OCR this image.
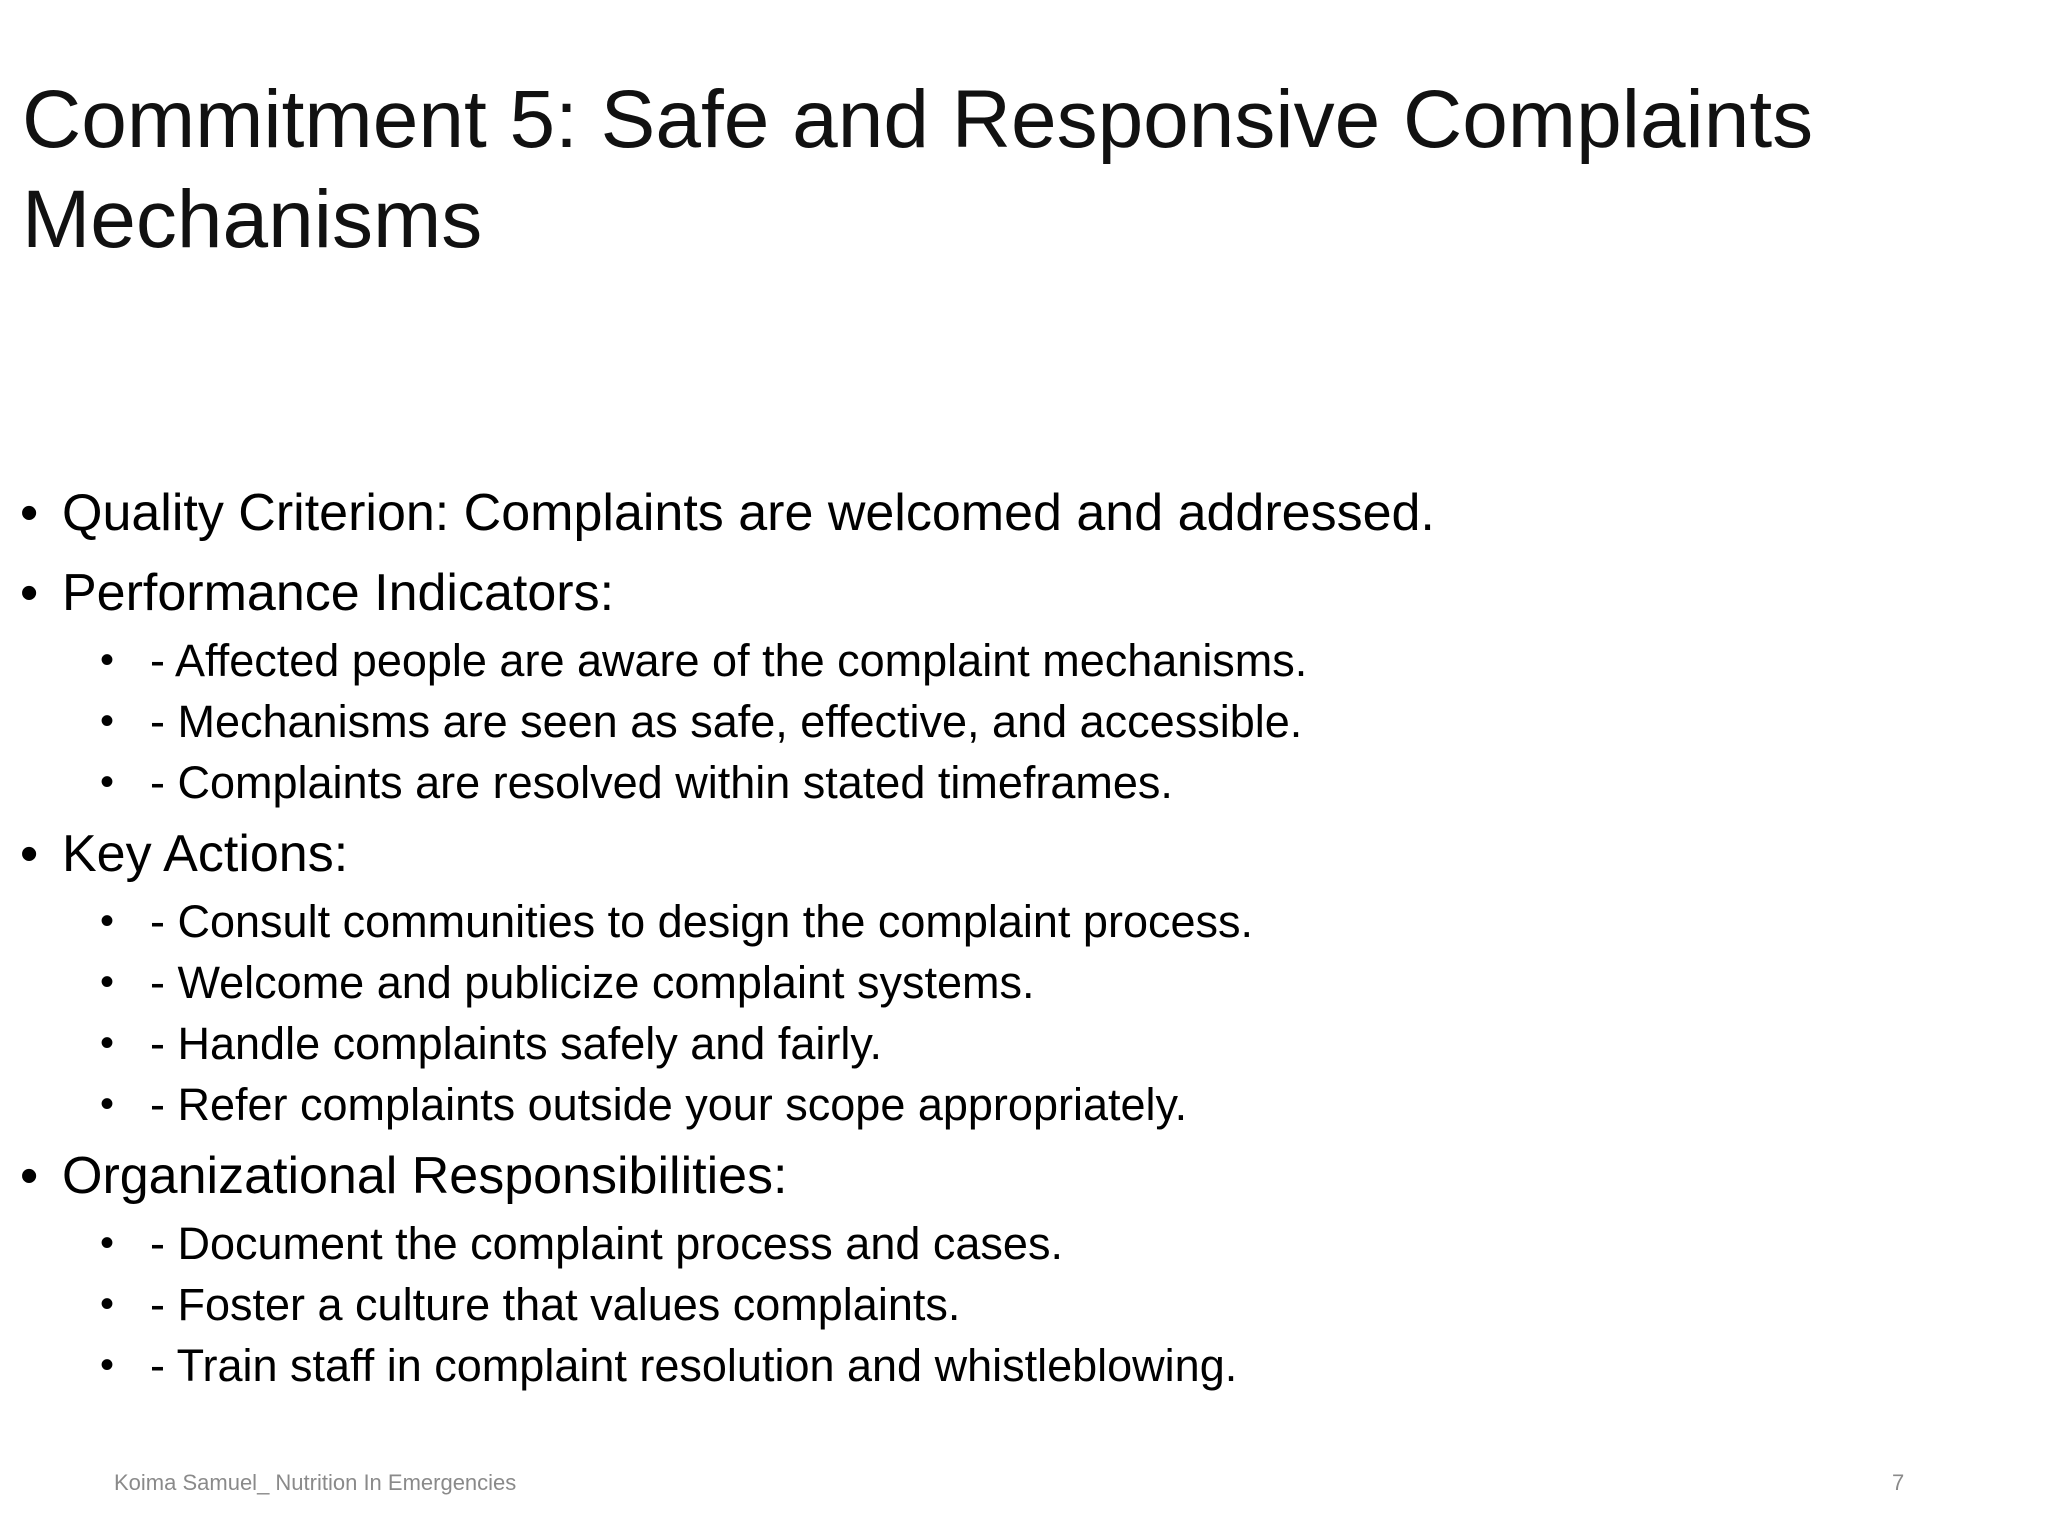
Commitment 5: Safe and Responsive Complaints Mechanisms
• Quality Criterion: Complaints are welcomed and addressed.
• Performance Indicators:
• - Affected people are aware of the complaint mechanisms.
• - Mechanisms are seen as safe, effective, and accessible.
• - Complaints are resolved within stated timeframes.
• Key Actions:
• - Consult communities to design the complaint process.
• - Welcome and publicize complaint systems.
• - Handle complaints safely and fairly.
• - Refer complaints outside your scope appropriately.
• Organizational Responsibilities:
• - Document the complaint process and cases.
• - Foster a culture that values complaints.
• - Train staff in complaint resolution and whistleblowing.
Koima Samuel_ Nutrition In Emergencies	7
